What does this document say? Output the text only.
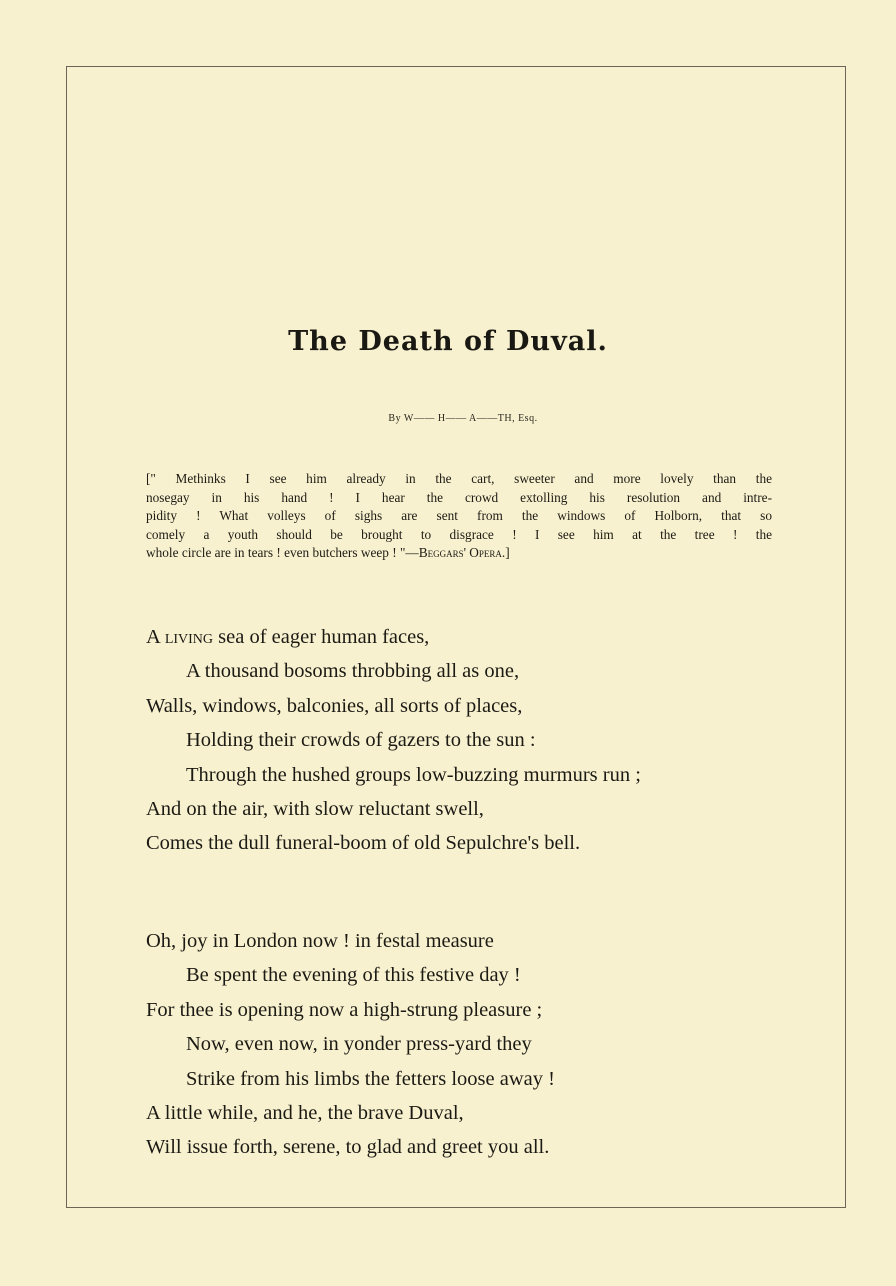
The Death of Duval.
By W—— H—— A——TH, Esq.
[" Methinks I see him already in the cart, sweeter and more lovely than the
nosegay in his hand ! I hear the crowd extolling his resolution and intre-
pidity ! What volleys of sighs are sent from the windows of Holborn, that so
comely a youth should be brought to disgrace ! I see him at the tree ! the
whole circle are in tears ! even butchers weep ! "—Beggars' Opera.]
A living sea of eager human faces,
A thousand bosoms throbbing all as one,
Walls, windows, balconies, all sorts of places,
Holding their crowds of gazers to the sun :
Through the hushed groups low-buzzing murmurs run ;
And on the air, with slow reluctant swell,
Comes the dull funeral-boom of old Sepulchre's bell.
Oh, joy in London now ! in festal measure
Be spent the evening of this festive day !
For thee is opening now a high-strung pleasure ;
Now, even now, in yonder press-yard they
Strike from his limbs the fetters loose away !
A little while, and he, the brave Duval,
Will issue forth, serene, to glad and greet you all.
